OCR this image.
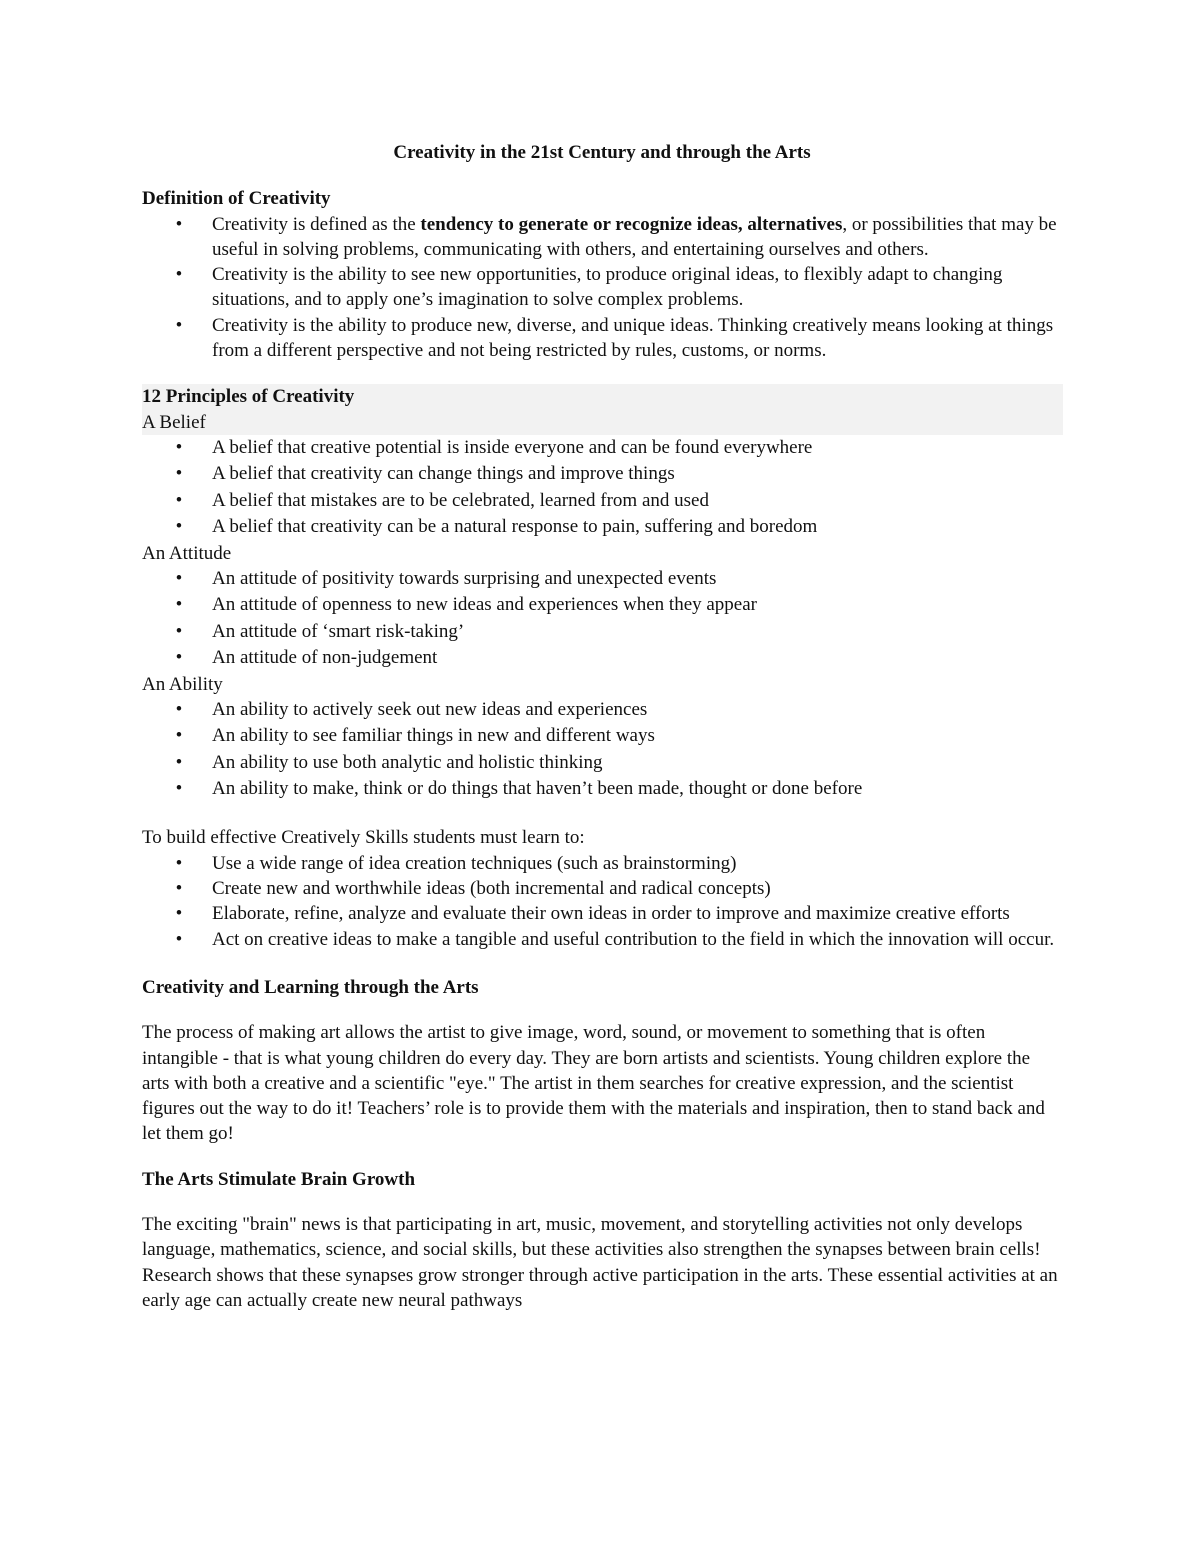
Creativity in the 21st Century and through the Arts
Definition of Creativity
• Creativity is defined as the tendency to generate or recognize ideas, alternatives, or possibilities that may be useful in solving problems, communicating with others, and entertaining ourselves and others.
• Creativity is the ability to see new opportunities, to produce original ideas, to flexibly adapt to changing situations, and to apply one’s imagination to solve complex problems.
• Creativity is the ability to produce new, diverse, and unique ideas. Thinking creatively means looking at things from a different perspective and not being restricted by rules, customs, or norms.
12 Principles of Creativity
A Belief
• A belief that creative potential is inside everyone and can be found everywhere
• A belief that creativity can change things and improve things
• A belief that mistakes are to be celebrated, learned from and used
• A belief that creativity can be a natural response to pain, suffering and boredom
An Attitude
• An attitude of positivity towards surprising and unexpected events
• An attitude of openness to new ideas and experiences when they appear
• An attitude of ‘smart risk-taking’
• An attitude of non-judgement
An Ability
• An ability to actively seek out new ideas and experiences
• An ability to see familiar things in new and different ways
• An ability to use both analytic and holistic thinking
• An ability to make, think or do things that haven’t been made, thought or done before
To build effective Creatively Skills students must learn to:
• Use a wide range of idea creation techniques (such as brainstorming)
• Create new and worthwhile ideas (both incremental and radical concepts)
• Elaborate, refine, analyze and evaluate their own ideas in order to improve and maximize creative efforts
• Act on creative ideas to make a tangible and useful contribution to the field in which the innovation will occur.
Creativity and Learning through the Arts
The process of making art allows the artist to give image, word, sound, or movement to something that is often intangible - that is what young children do every day. They are born artists and scientists. Young children explore the arts with both a creative and a scientific "eye." The artist in them searches for creative expression, and the scientist figures out the way to do it! Teachers’ role is to provide them with the materials and inspiration, then to stand back and let them go!
The Arts Stimulate Brain Growth
The exciting "brain" news is that participating in art, music, movement, and storytelling activities not only develops language, mathematics, science, and social skills, but these activities also strengthen the synapses between brain cells! Research shows that these synapses grow stronger through active participation in the arts. These essential activities at an early age can actually create new neural pathways
